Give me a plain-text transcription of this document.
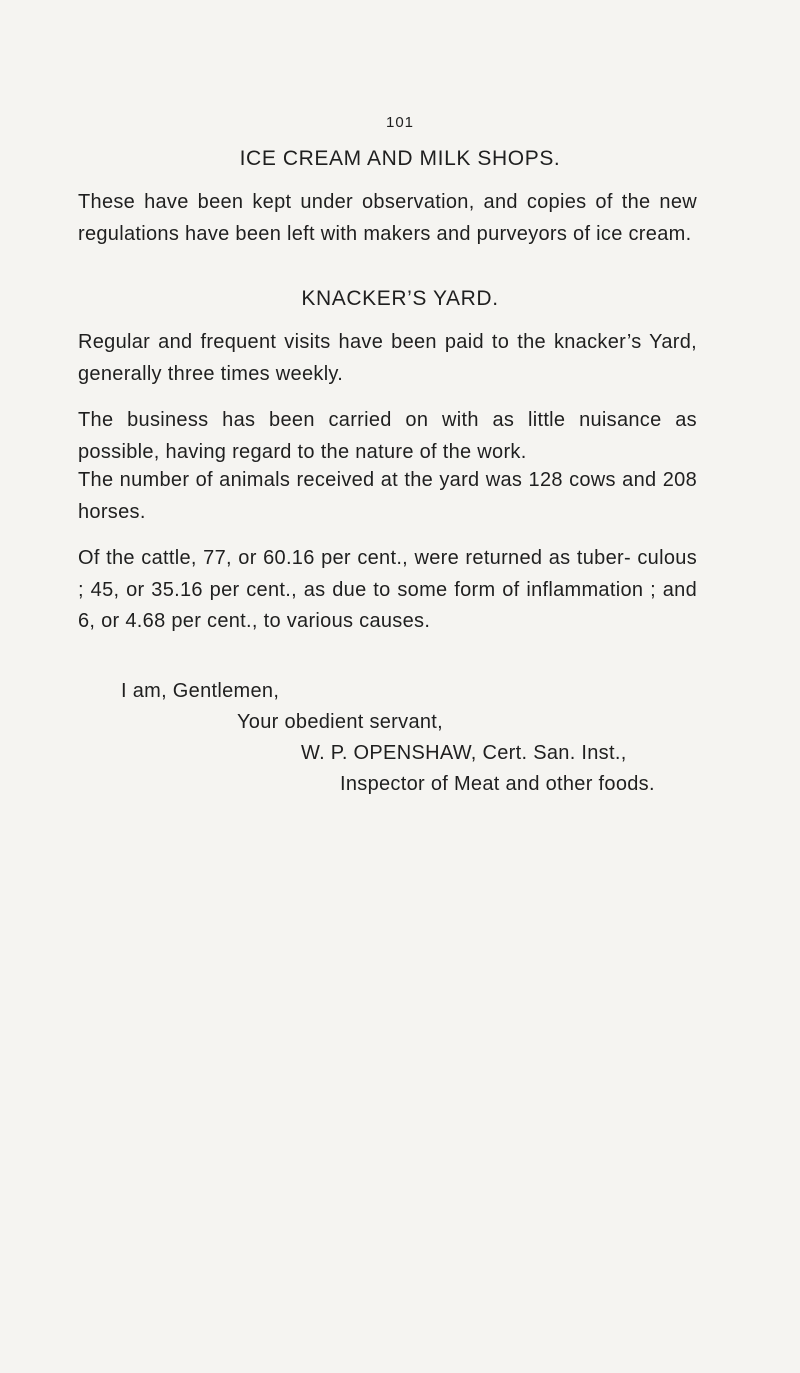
101
ICE CREAM AND MILK SHOPS.

These have been kept under observation, and copies of the new regulations have been left with makers and purveyors of ice cream.

KNACKER’S YARD.

Regular and frequent visits have been paid to the knacker’s Yard, generally three times weekly.

The business has been carried on with as little nuisance as possible, having regard to the nature of the work.

The number of animals received at the yard was 128 cows and 208 horses.

Of the cattle, 77, or 60.16 per cent., were returned as tuber- culous ; 45, or 35.16 per cent., as due to some form of inflammation ; and 6, or 4.68 per cent., to various causes.

I am, Gentlemen,
Your obedient servant,
W. P. OPENSHAW, Cert. San. Inst.,
Inspector of Meat and other foods.
